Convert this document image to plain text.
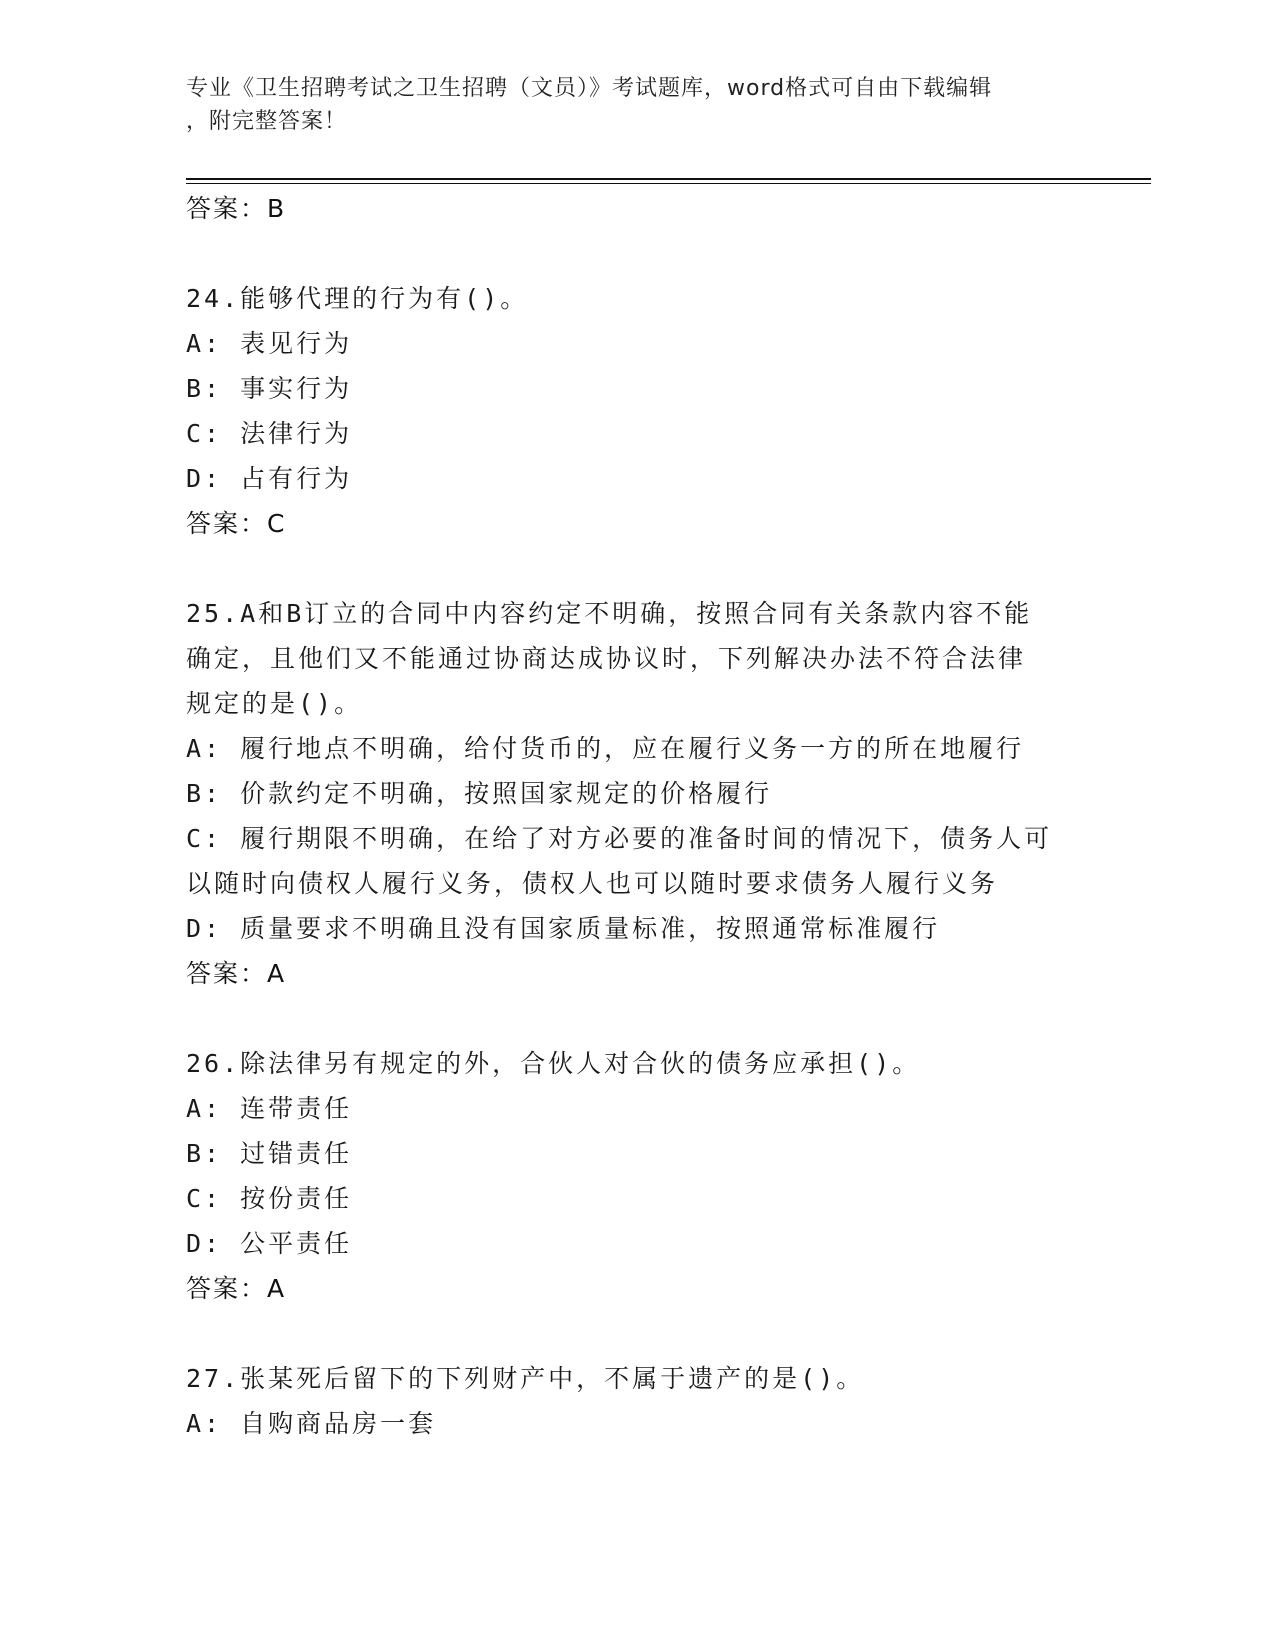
专业《卫生招聘考试之卫生招聘（文员）》考试题库，word格式可自由下载编辑
，附完整答案！
答案：B
24.能够代理的行为有()。
A: 表见行为
B: 事实行为
C: 法律行为
D: 占有行为
答案：C
25.A和B订立的合同中内容约定不明确，按照合同有关条款内容不能
确定，且他们又不能通过协商达成协议时，下列解决办法不符合法律
规定的是()。
A: 履行地点不明确，给付货币的，应在履行义务一方的所在地履行
B: 价款约定不明确，按照国家规定的价格履行
C: 履行期限不明确，在给了对方必要的准备时间的情况下，债务人可
以随时向债权人履行义务，债权人也可以随时要求债务人履行义务
D: 质量要求不明确且没有国家质量标准，按照通常标准履行
答案：A
26.除法律另有规定的外，合伙人对合伙的债务应承担()。
A: 连带责任
B: 过错责任
C: 按份责任
D: 公平责任
答案：A
27.张某死后留下的下列财产中，不属于遗产的是()。
A: 自购商品房一套
